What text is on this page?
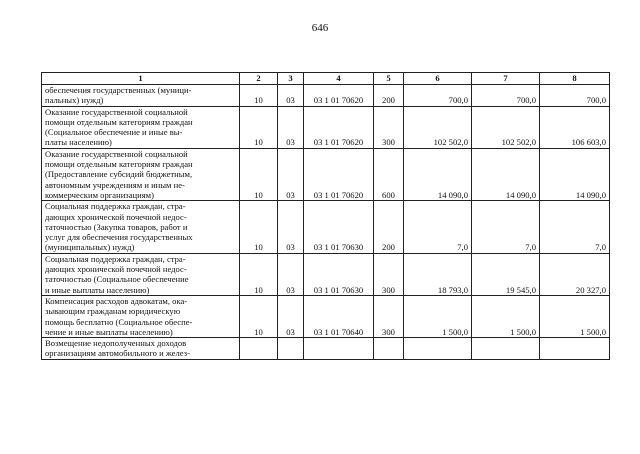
646
1	2	3	4	5	6	7	8
обеспечения государственных (муници-
пальных) нужд)	10	03	03 1 01 70620	200	700,0	700,0	700,0
Оказание государственной социальной
помощи отдельным категориям граждан
(Социальное обеспечение и иные вы-
платы населению)	10	03	03 1 01 70620	300	102 502,0	102 502,0	106 603,0
Оказание государственной социальной
помощи отдельным категориям граждан
(Предоставление субсидий бюджетным,
автономным учреждениям и иным не-
коммерческим организациям)	10	03	03 1 01 70620	600	14 090,0	14 090,0	14 090,0
Социальная поддержка граждан, стра-
дающих хронической почечной недос-
таточностью (Закупка товаров, работ и
услуг для обеспечения государственных
(муниципальных) нужд)	10	03	03 1 01 70630	200	7,0	7,0	7,0
Социальная поддержка граждан, стра-
дающих хронической почечной недос-
таточностью (Социальное обеспечение
и иные выплаты населению)	10	03	03 1 01 70630	300	18 793,0	19 545,0	20 327,0
Компенсация расходов адвокатам, ока-
зывающим гражданам юридическую
помощь бесплатно (Социальное обеспе-
чение и иные выплаты населению)	10	03	03 1 01 70640	300	1 500,0	1 500,0	1 500,0
Возмещение недополученных доходов
организациям автомобильного и желез-							
